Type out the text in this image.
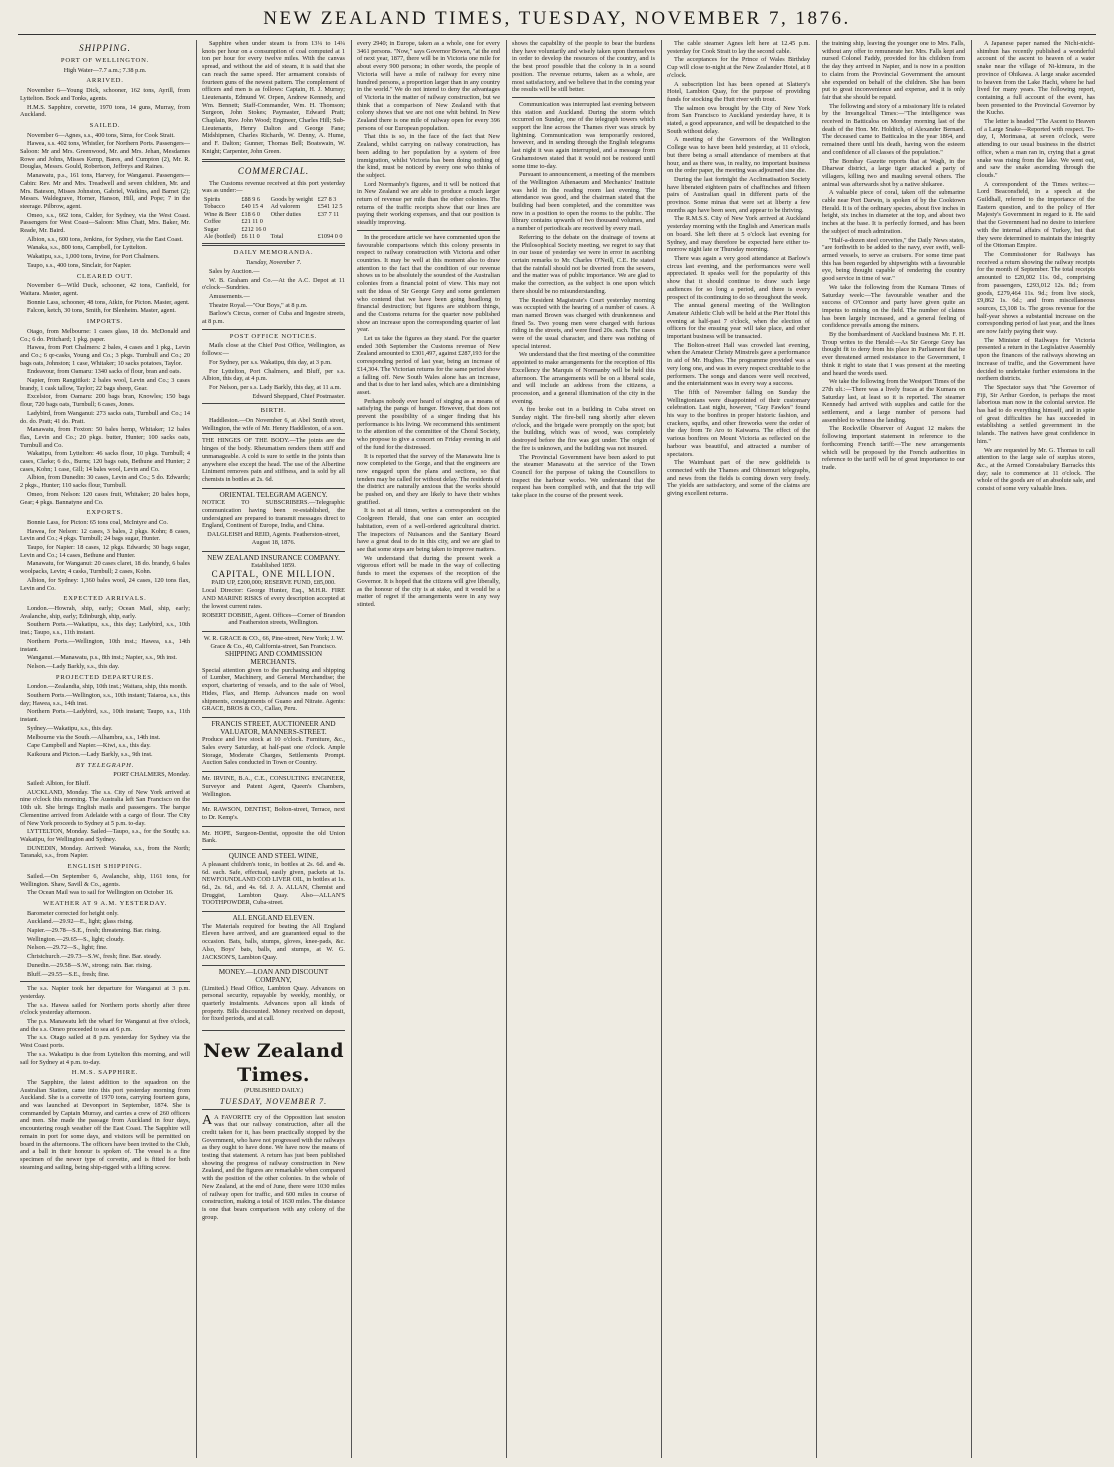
NEW ZEALAND TIMES, TUESDAY, NOVEMBER 7, 1876.
SHIPPING.
PORT OF WELLINGTON.

High Water—7.7 a.m.; 7.38 p.m.

ARRIVED.

November 6—Young Dick, schooner, 162 tons, Ayrill, from Lyttelton. Bock and Tonks, agents.

H.M.S. Sapphire, corvette, 1970 tons, 14 guns, Murray, from Auckland.

SAILED.

November 6—Agnes, s.s., 400 tons, Sims, for Cook Strait.

Hawea, s.s. 402 tons, Whistler, for Northern Ports. Passengers—Saloon: Mr and Mrs. Greenwood, Mr. and Mrs. Jehan, Mesdames Rowe and Johns, Misses Kemp, Bares, and Cumpton (2), Mr. R. Douglas, Messrs. Gould, Robertson, Jeffreys and Raines.

Manawatu, p.s., 161 tons, Harvey, for Wanganui. Passengers—Cabin: Rev. Mr and Mrs. Treadwell and seven children, Mr. and Mrs. Bateson, Misses Johnston, Gabriel, Watkins, and Barnet (2); Messrs. Waldegrave, Horner, Hanson, Hill, and Pope; 7 in the steerage. Pilbrow, agent.

Omeo, s.s., 662 tons, Calder, for Sydney, via the West Coast. Passengers for West Coast—Saloon: Miss Chatt, Mrs. Baker, Mr. Reade, Mr. Baird.

Albion, s.s., 600 tons, Jenkins, for Sydney, via the East Coast.

Wanaka, s.s., 800 tons, Campbell, for Lyttelton.

Wakatipu, s.s., 1,000 tons, Irvine, for Port Chalmers.

Taupo, s.s., 400 tons, Sinclair, for Napier.

CLEARED OUT.

November 6—Wild Duck, schooner, 42 tons, Canfield, for Waitara. Master, agent.

Bonnie Lass, schooner, 48 tons, Atkin, for Picton. Master, agent.

Falcon, ketch, 30 tons, Smith, for Blenheim. Master, agent.

IMPORTS.

Otago, from Melbourne: 1 cases glass, 18 do. McDonald and Co.; 6 do. Pritchard; 1 pkg. paper.

Hawea, from Port Chalmers: 2 bales, 4 cases and 1 pkg., Levin and Co.; 6 qr-casks, Young and Co.; 3 pkgs. Turnbull and Co.; 20 bags oats, Johnston; 1 case, Whitaker; 10 sacks potatoes, Taylor.

Endeavour, from Oamaru: 1340 sacks of flour, bran and oats.

Napier, from Rangitikei: 2 bales wool, Levin and Co.; 3 cases brandy, 1 cask tallow, Taylor; 22 bags sheep, Gear.

Excelsior, from Oamaru: 200 bags bran, Knowles; 150 bags flour, 720 bags oats, Turnbull; 6 cases, Jones.

Ladybird, from Wanganui: 273 sacks oats, Turnbull and Co.; 14 do. do. Pratt; 41 do. Pratt.

Manawatu, from Foxton: 50 bales hemp, Whitaker; 12 bales flax, Levin and Co.; 20 pkgs. butter, Hunter; 100 sacks oats, Turnbull and Co.

Wakatipu, from Lyttelton: 46 sacks flour, 10 pkgs. Turnbull; 4 cases, Clarke; 6 do., Burns; 120 bags oats, Bethune and Hunter; 2 cases, Kohn; 1 case, Gill; 14 bales wool, Levin and Co.

Albion, from Dunedin: 30 cases, Levin and Co.; 5 do. Edwards; 2 pkgs., Hunter; 110 sacks flour, Turnbull.

Omeo, from Nelson: 120 cases fruit, Whitaker; 20 bales hops, Gear; 4 pkgs. Bannatyne and Co.

EXPORTS.

Bonnie Lass, for Picton: 65 tons coal, McIntyre and Co.

Hawea, for Nelson: 12 cases, 3 bales, 2 pkgs. Kohn; 8 cases, Levin and Co.; 4 pkgs. Turnbull; 24 bags sugar, Hunter.

Taupo, for Napier: 18 cases, 12 pkgs. Edwards; 30 bags sugar, Levin and Co.; 14 cases, Bethune and Hunter.

Manawatu, for Wanganui: 20 cases claret, 18 do. brandy, 6 bales woolpacks, Levin; 4 casks, Turnbull; 2 cases, Kohn.

Albion, for Sydney: 1,360 bales wool, 24 cases, 120 tons flax, Levin and Co.

EXPECTED ARRIVALS.

London.—Howrah, ship, early; Ocean Mail, ship, early; Avalanche, ship, early; Edinburgh, ship, early.

Southern Ports.—Wakatipu, s.s., this day; Ladybird, s.s., 10th inst.; Taupo, s.s., 11th instant.

Northern Ports.—Wellington, 10th inst.; Hawea, s.s., 14th instant.

Wanganui.—Manawatu, p.s., 8th inst.; Napier, s.s., 9th inst.

Nelson.—Lady Barkly, s.s., this day.

PROJECTED DEPARTURES.

London.—Zealandia, ship, 10th inst.; Waitara, ship, this month.

Southern Ports.—Wellington, s.s., 10th instant; Taiaroa, s.s., this day; Hawea, s.s., 14th inst.

Northern Ports.—Ladybird, s.s., 10th instant; Taupo, s.s., 11th instant.

Sydney.—Wakatipu, s.s., this day.

Melbourne via the South.—Alhambra, s.s., 14th inst.

Cape Campbell and Napier.—Kiwi, s.s., this day.

Kaikoura and Picton.—Lady Barkly, s.s., 9th inst.

BY TELEGRAPH.

PORT CHALMERS, Monday.

Sailed: Albion, for Bluff.

AUCKLAND, Monday. The s.s. City of New York arrived at nine o'clock this morning. The Australia left San Francisco on the 10th ult. She brings English mails and passengers. The barque Clementine arrived from Adelaide with a cargo of flour. The City of New York proceeds to Sydney at 5 p.m. to-day.

LYTTELTON, Monday. Sailed—Taupo, s.s., for the South; s.s. Wakatipu, for Wellington and Sydney.

DUNEDIN, Monday. Arrived: Wanaka, s.s., from the North; Taranaki, s.s., from Napier.

ENGLISH SHIPPING.

Sailed.—On September 6, Avalanche, ship, 1161 tons, for Wellington. Shaw, Savill & Co., agents.

The Ocean Mail was to sail for Wellington on October 16.

WEATHER AT 9 A.M. YESTERDAY.

Barometer corrected for height only.

Auckland.—29.92—E., light; glass rising.

Napier.—29.78—S.E., fresh; threatening. Bar. rising.

Wellington.—29.65—S., light; cloudy.

Nelson.—29.72—S., light; fine.

Christchurch.—29.73—S.W., fresh; fine. Bar. steady.

Dunedin.—29.58—S.W., strong; rain. Bar. rising.

Bluff.—29.55—S.E., fresh; fine.

The s.s. Napier took her departure for Wanganui at 3 p.m. yesterday.

The s.s. Hawea sailed for Northern ports shortly after three o'clock yesterday afternoon.

The p.s. Manawatu left the wharf for Wanganui at five o'clock, and the s.s. Omeo proceeded to sea at 6 p.m.

The s.s. Otago sailed at 8 p.m. yesterday for Sydney via the West Coast ports.

The s.s. Wakatipu is due from Lyttelton this morning, and will sail for Sydney at 4 p.m. to-day.

H.M.S. SAPPHIRE.

The Sapphire, the latest addition to the squadron on the Australian Station, came into this port yesterday morning from Auckland. She is a corvette of 1970 tons, carrying fourteen guns, and was launched at Devonport in September, 1874. She is commanded by Captain Murray, and carries a crew of 260 officers and men. She made the passage from Auckland in four days, encountering rough weather off the East Coast. The Sapphire will remain in port for some days, and visitors will be permitted on board in the afternoons. The officers have been invited to the Club, and a ball in their honour is spoken of. The vessel is a fine specimen of the newer type of corvette, and is fitted for both steaming and sailing, being ship-rigged with a lifting screw.

Sapphire when under steam is from 13¼ to 14¼ knots per hour on a consumption of coal computed at 1 ton per hour for every twelve miles. With the canvas spread, and without the aid of steam, it is said that she can reach the same speed. Her armament consists of fourteen guns of the newest pattern. The complement of officers and men is as follows: Captain, H. J. Murray; Lieutenants, Edmund W. Orpen, Andrew Kennedy, and Wm. Bennett; Staff-Commander, Wm. H. Thomson; Surgeon, John Stokes; Paymaster, Edward Pratt; Chaplain, Rev. John Wood; Engineer, Charles Hill; Sub-Lieutenants, Henry Dalton and George Fane; Midshipmen, Charles Richards, W. Denny, A. Hume, and F. Dalton; Gunner, Thomas Bell; Boatswain, W. Knight; Carpenter, John Green.

COMMERCIAL.

The Customs revenue received at this port yesterday was as under:—

Spirits	£88 9 6	Goods by weight	£27 8 3
Tobacco	£40 15 4	Ad valorem	£541 12 5
Wine & Beer	£18 6 0	Other duties	£37 7 11
Coffee	£21 11 0		
Sugar	£212 16 0		
Ale (bottled)	£6 11 0	Total	£1094 0 0
DAILY MEMORANDA.

Tuesday, November 7.

Sales by Auction.—

W. B. Graham and Co.—At the A.C. Depot at 11 o'clock—Sundries.

Amusements.—

Theatre Royal.—"Our Boys," at 8 p.m.

Barlow's Circus, corner of Cuba and Ingestre streets, at 8 p.m.

POST OFFICE NOTICES.

Mails close at the Chief Post Office, Wellington, as follows:—

For Sydney, per s.s. Wakatipu, this day, at 3 p.m.

For Lyttelton, Port Chalmers, and Bluff, per s.s. Albion, this day, at 4 p.m.

For Nelson, per s.s. Lady Barkly, this day, at 11 a.m.

Edward Sheppard, Chief Postmaster.

BIRTH.

Haddleston.—On November 6, at Abel Smith street, Wellington, the wife of Mr. Henry Haddleston, of a son.

THE HINGES OF THE BODY.—The joints are the hinges of the body. Rheumatism renders them stiff and unmanageable. A cold is sure to settle in the joints than anywhere else except the head. The use of the Albertine Liniment removes pain and stiffness, and is sold by all chemists in bottles at 2s. 6d.

ORIENTAL TELEGRAM AGENCY.

NOTICE TO SUBSCRIBERS.—Telegraphic communication having been re-established, the undersigned are prepared to transmit messages direct to England, Continent of Europe, India, and China.

DALGLEISH and REID, Agents. Featherston-street, August 18, 1876.

NEW ZEALAND INSURANCE COMPANY.

Established 1859.

CAPITAL, ONE MILLION.

PAID UP, £200,000; RESERVE FUND, £85,000.

Local Director: George Hunter, Esq., M.H.R. FIRE AND MARINE RISKS of every description accepted at the lowest current rates.

ROBERT DOBBIE, Agent. Offices—Corner of Brandon and Featherston streets, Wellington.

W. R. GRACE & CO., 66, Pine-street, New York; J. W. Grace & Co., 40, California-street, San Francisco.

SHIPPING AND COMMISSION MERCHANTS.

Special attention given to the purchasing and shipping of Lumber, Machinery, and General Merchandise; the export, chartering of vessels, and to the sale of Wool, Hides, Flax, and Hemp. Advances made on wool shipments, consignments of Guano and Nitrate. Agents: GRACE, BROS & CO., Callao, Peru.

FRANCIS STREET, AUCTIONEER AND VALUATOR, MANNERS-STREET.

Produce and live stock at 10 o'clock. Furniture, &c., Sales every Saturday, at half-past one o'clock. Ample Storage, Moderate Charges, Settlements Prompt. Auction Sales conducted in Town or Country.

Mr. IRVINE, B.A., C.E., CONSULTING ENGINEER, Surveyor and Patent Agent, Queen's Chambers, Wellington.

Mr. RAWSON, DENTIST, Bolton-street, Terrace, next to Dr. Kemp's.

Mr. HOPE, Surgeon-Dentist, opposite the old Union Bank.

QUINCE AND STEEL WINE,

A pleasant children's tonic, in bottles at 2s. 6d. and 4s. 6d. each. Safe, effectual, easily given, packets at 1s. NEWFOUNDLAND COD LIVER OIL, in bottles at 1s. 6d., 2s. 6d., and 4s. 6d. J. A. ALLAN, Chemist and Druggist, Lambton Quay. Also—ALLAN'S TOOTHPOWDER, Cuba-street.

ALL ENGLAND ELEVEN.

The Materials required for beating the All England Eleven have arrived, and are guaranteed equal to the occasion. Bats, balls, stumps, gloves, knee-pads, &c. Also, Boys' bats, balls, and stumps, at W. G. JACKSON'S, Lambton Quay.

MONEY.—LOAN AND DISCOUNT COMPANY,

(Limited.) Head Office, Lambton Quay. Advances on personal security, repayable by weekly, monthly, or quarterly instalments. Advances upon all kinds of property. Bills discounted. Money received on deposit, for fixed periods, and at call.

New Zealand Times.
(PUBLISHED DAILY.)
TUESDAY, NOVEMBER 7.

A A FAVORITE cry of the Opposition last session was that our railway construction, after all the credit taken for it, has been practically stopped by the Government, who have not progressed with the railways as they ought to have done. We have now the means of testing that statement. A return has just been published showing the progress of railway construction in New Zealand, and the figures are remarkable when compared with the position of the other colonies. In the whole of New Zealand, at the end of June, there were 1030 miles of railway open for traffic, and 600 miles in course of construction, making a total of 1630 miles. The distance is one that bears comparison with any colony of the group.

every 2940; in Europe, taken as a whole, one for every 3461 persons. "Now," says Governor Bowen, "at the end of next year, 1877, there will be in Victoria one mile for about every 900 persons; in other words, the people of Victoria will have a mile of railway for every nine hundred persons, a proportion larger than in any country in the world." We do not intend to deny the advantages of Victoria in the matter of railway construction, but we think that a comparison of New Zealand with that colony shows that we are not one whit behind. In New Zealand there is one mile of railway open for every 396 persons of our European population.

That this is so, in the face of the fact that New Zealand, whilst carrying on railway construction, has been adding to her population by a system of free immigration, whilst Victoria has been doing nothing of the kind, must be noticed by every one who thinks of the subject.

Lord Normanby's figures, and it will be noticed that in New Zealand we are able to produce a much larger return of revenue per mile than the other colonies. The returns of the traffic receipts show that our lines are paying their working expenses, and that our position is steadily improving.

In the procedure article we have commented upon the favourable comparisons which this colony presents in respect to railway construction with Victoria and other countries. It may be well at this moment also to draw attention to the fact that the condition of our revenue shows us to be absolutely the soundest of the Australian colonies from a financial point of view. This may not suit the ideas of Sir George Grey and some gentlemen who contend that we have been going headlong to financial destruction; but figures are stubborn things, and the Customs returns for the quarter now published show an increase upon the corresponding quarter of last year.

Let us take the figures as they stand. For the quarter ended 30th September the Customs revenue of New Zealand amounted to £301,497, against £287,193 for the corresponding period of last year, being an increase of £14,304. The Victorian returns for the same period show a falling off. New South Wales alone has an increase, and that is due to her land sales, which are a diminishing asset.

Perhaps nobody ever heard of singing as a means of satisfying the pangs of hunger. However, that does not prevent the possibility of a singer finding that his performance is his living. We recommend this sentiment to the attention of the committee of the Choral Society, who propose to give a concert on Friday evening in aid of the fund for the distressed.

It is reported that the survey of the Manawatu line is now completed to the Gorge, and that the engineers are now engaged upon the plans and sections, so that tenders may be called for without delay. The residents of the district are naturally anxious that the works should be pushed on, and they are likely to have their wishes gratified.

It is not at all times, writes a correspondent on the Coolgreen Herald, that one can enter an occupied habitation, even of a well-ordered agricultural district. The inspectors of Nuisances and the Sanitary Board have a great deal to do in this city, and we are glad to see that some steps are being taken to improve matters.

We understand that during the present week a vigorous effort will be made in the way of collecting funds to meet the expenses of the reception of the Governor. It is hoped that the citizens will give liberally, as the honour of the city is at stake, and it would be a matter of regret if the arrangements were in any way stinted.

shows the capability of the people to bear the burdens they have voluntarily and wisely taken upon themselves in order to develop the resources of the country, and is the best proof possible that the colony is in a sound position. The revenue returns, taken as a whole, are most satisfactory, and we believe that in the coming year the results will be still better.

Communication was interrupted last evening between this station and Auckland. During the storm which occurred on Sunday, one of the telegraph towers which support the line across the Thames river was struck by lightning. Communication was temporarily restored, however, and in sending through the English telegrams last night it was again interrupted, and a message from Grahamstown stated that it would not be restored until some time to-day.

Pursuant to announcement, a meeting of the members of the Wellington Athenaeum and Mechanics' Institute was held in the reading room last evening. The attendance was good, and the chairman stated that the building had been completed, and the committee was now in a position to open the rooms to the public. The library contains upwards of two thousand volumes, and a number of periodicals are received by every mail.

Referring to the debate on the drainage of towns at the Philosophical Society meeting, we regret to say that in our issue of yesterday we were in error in ascribing certain remarks to Mr. Charles O'Neill, C.E. He stated that the rainfall should not be diverted from the sewers, and the matter was of public importance. We are glad to make the correction, as the subject is one upon which there should be no misunderstanding.

The Resident Magistrate's Court yesterday morning was occupied with the hearing of a number of cases. A man named Brown was charged with drunkenness and fined 5s. Two young men were charged with furious riding in the streets, and were fined 20s. each. The cases were of the usual character, and there was nothing of special interest.

We understand that the first meeting of the committee appointed to make arrangements for the reception of His Excellency the Marquis of Normanby will be held this afternoon. The arrangements will be on a liberal scale, and will include an address from the citizens, a procession, and a general illumination of the city in the evening.

A fire broke out in a building in Cuba street on Sunday night. The fire-bell rang shortly after eleven o'clock, and the brigade were promptly on the spot; but the building, which was of wood, was completely destroyed before the fire was got under. The origin of the fire is unknown, and the building was not insured.

The Provincial Government have been asked to put the steamer Manawatu at the service of the Town Council for the purpose of taking the Councillors to inspect the harbour works. We understand that the request has been complied with, and that the trip will take place in the course of the present week.

The cable steamer Agnes left here at 12.45 p.m. yesterday for Cook Strait to lay the second cable.

The acceptances for the Prince of Wales Birthday Cup will close to-night at the New Zealander Hotel, at 8 o'clock.

A subscription list has been opened at Slattery's Hotel, Lambton Quay, for the purpose of providing funds for stocking the Hutt river with trout.

The salmon ova brought by the City of New York from San Francisco to Auckland yesterday have, it is stated, a good appearance, and will be despatched to the South without delay.

A meeting of the Governors of the Wellington College was to have been held yesterday, at 11 o'clock, but there being a small attendance of members at that hour, and as there was, in reality, no important business on the order paper, the meeting was adjourned sine die.

During the last fortnight the Acclimatisation Society have liberated eighteen pairs of chaffinches and fifteen pairs of Australian quail in different parts of the province. Some minas that were set at liberty a few months ago have been seen, and appear to be thriving.

The R.M.S.S. City of New York arrived at Auckland yesterday morning with the English and American mails on board. She left there at 5 o'clock last evening for Sydney, and may therefore be expected here either to-morrow night late or Thursday morning.

There was again a very good attendance at Barlow's circus last evening, and the performances were well appreciated. It speaks well for the popularity of this show that it should continue to draw such large audiences for so long a period, and there is every prospect of its continuing to do so throughout the week.

The annual general meeting of the Wellington Amateur Athletic Club will be held at the Pier Hotel this evening at half-past 7 o'clock, when the election of officers for the ensuing year will take place, and other important business will be transacted.

The Bolton-street Hall was crowded last evening, when the Amateur Christy Minstrels gave a performance in aid of Mr. Hughes. The programme provided was a very long one, and was in every respect creditable to the performers. The songs and dances were well received, and the entertainment was in every way a success.

The fifth of November falling on Sunday the Wellingtonians were disappointed of their customary celebration. Last night, however, "Guy Fawkes" found his way to the bonfires in proper historic fashion, and crackers, squibs, and other fireworks were the order of the day from Te Aro to Kaiwarra. The effect of the various bonfires on Mount Victoria as reflected on the harbour was beautiful, and attracted a number of spectators.

The Waimbaut part of the new goldfields is connected with the Thames and Ohinemuri telegraphs, and news from the fields is coming down very freely. The yields are satisfactory, and some of the claims are giving excellent returns.

the training ship, leaving the younger one to Mrs. Falls, without any offer to remunerate her. Mrs. Falls kept and nursed Colonel Faddy, provided for his children from the day they arrived in Napier, and is now in a position to claim from the Provincial Government the amount she expended on behalf of the children. She has been put to great inconvenience and expense, and it is only fair that she should be repaid.

The following and story of a missionary life is related by the Invangelical Times:—"The intelligence was received in Batticaloa on Monday morning last of the death of the Hon. Mr. Holditch, of Alexander Bernard. The deceased came to Batticaloa in the year 1864, and remained there until his death, having won the esteem and confidence of all classes of the population."

The Bombay Gazette reports that at Wagh, in the Dharwar district, a large tiger attacked a party of villagers, killing two and mauling several others. The animal was afterwards shot by a native shikaree.

A valuable piece of coral, taken off the submarine cable near Port Darwin, is spoken of by the Cooktown Herald. It is of the ordinary species, about five inches in height, six inches in diameter at the top, and about two inches at the base. It is perfectly formed, and has been the subject of much admiration.

"Half-a-dozen steel corvettes," the Daily News states, "are forthwith to be added to the navy, ever swift, well-armed vessels, to serve as cruisers. For some time past this has been regarded by shipwrights with a favourable eye, being thought capable of rendering the country good service in time of war."

We take the following from the Kumara Times of Saturday week:—The favourable weather and the success of O'Connor and party have given quite an impetus to mining on the field. The number of claims has been largely increased, and a general feeling of confidence prevails among the miners.

By the bombardment of Auckland business Mr. F. H. Troup writes to the Herald:—As Sir George Grey has thought fit to deny from his place in Parliament that he ever threatened armed resistance to the Government, I think it right to state that I was present at the meeting and heard the words used.

We take the following from the Westport Times of the 27th ult.:—There was a lively fracas at the Kumara on Saturday last, at least so it is reported. The steamer Kennedy had arrived with supplies and cattle for the settlement, and a large number of persons had assembled to witness the landing.

The Rockville Observer of August 12 makes the following important statement in reference to the forthcoming French tariff:—The new arrangements which will be proposed by the French authorities in reference to the tariff will be of great importance to our trade.

A Japanese paper named the Nichi-nichi-shimbun has recently published a wonderful account of the ascent to heaven of a water snake near the village of Ni-kimura, in the province of Ohikawa. A large snake ascended to heaven from the Lake Hachi, where he had lived for many years. The following report, containing a full account of the event, has been presented to the Provincial Governor by the Kucho.

The letter is headed "The Ascent to Heaven of a Large Snake—Reported with respect. To-day, I, Morimasa, at seven o'clock, were attending to our usual business in the district office, when a man ran in, crying that a great snake was rising from the lake. We went out, and saw the snake ascending through the clouds."

A correspondent of the Times writes:—Lord Beaconsfield, in a speech at the Guildhall, referred to the importance of the Eastern question, and to the policy of Her Majesty's Government in regard to it. He said that the Government had no desire to interfere with the internal affairs of Turkey, but that they were determined to maintain the integrity of the Ottoman Empire.

The Commissioner for Railways has received a return showing the railway receipts for the month of September. The total receipts amounted to £20,002 11s. 0d., comprising from passengers, £293,012 12s. 8d.; from goods, £279,464 11s. 9d.; from live stock, £9,862 1s. 6d.; and from miscellaneous sources, £3,108 1s. The gross revenue for the half-year shows a substantial increase on the corresponding period of last year, and the lines are now fairly paying their way.

The Minister of Railways for Victoria presented a return in the Legislative Assembly upon the finances of the railways showing an increase of traffic, and the Government have decided to undertake further extensions in the northern districts.

The Spectator says that "the Governor of Fiji, Sir Arthur Gordon, is perhaps the most laborious man now in the colonial service. He has had to do everything himself, and in spite of great difficulties he has succeeded in establishing a settled government in the islands. The natives have great confidence in him."

We are requested by Mr. G. Thomas to call attention to the large sale of surplus stores, &c., at the Armed Constabulary Barracks this day; sale to commence at 11 o'clock. The whole of the goods are of an absolute sale, and consist of some very valuable lines.
